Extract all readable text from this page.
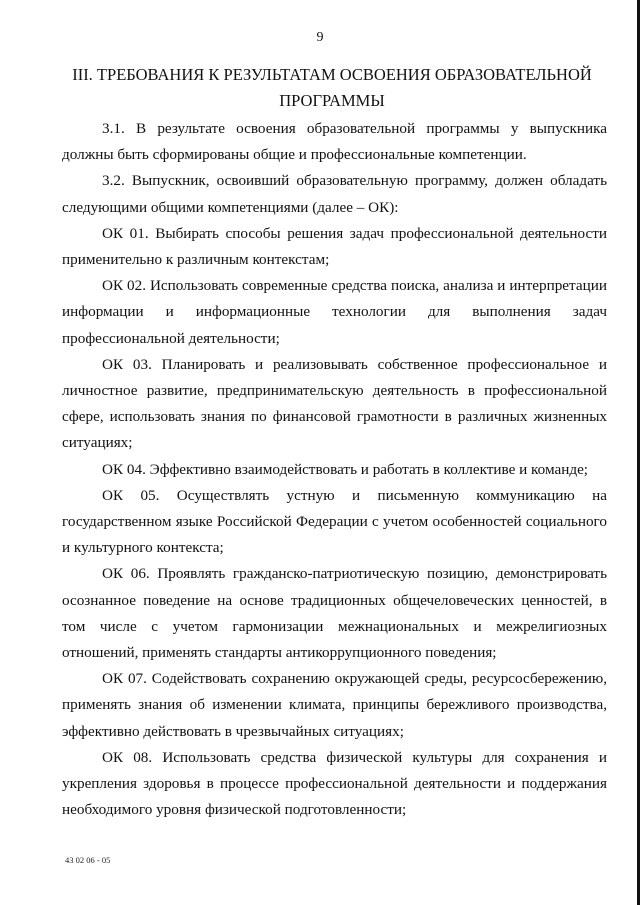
9
III. ТРЕБОВАНИЯ К РЕЗУЛЬТАТАМ ОСВОЕНИЯ ОБРАЗОВАТЕЛЬНОЙ ПРОГРАММЫ

3.1. В результате освоения образовательной программы у выпускника должны быть сформированы общие и профессиональные компетенции.

3.2. Выпускник, освоивший образовательную программу, должен обладать следующими общими компетенциями (далее – ОК):

ОК 01. Выбирать способы решения задач профессиональной деятельности применительно к различным контекстам;

ОК 02. Использовать современные средства поиска, анализа и интерпретации информации и информационные технологии для выполнения задач профессиональной деятельности;

ОК 03. Планировать и реализовывать собственное профессиональное и личностное развитие, предпринимательскую деятельность в профессиональной сфере, использовать знания по финансовой грамотности в различных жизненных ситуациях;

ОК 04. Эффективно взаимодействовать и работать в коллективе и команде;

ОК 05. Осуществлять устную и письменную коммуникацию на государственном языке Российской Федерации с учетом особенностей социального и культурного контекста;

ОК 06. Проявлять гражданско-патриотическую позицию, демонстрировать осознанное поведение на основе традиционных общечеловеческих ценностей, в том числе с учетом гармонизации межнациональных и межрелигиозных отношений, применять стандарты антикоррупционного поведения;

ОК 07. Содействовать сохранению окружающей среды, ресурсосбережению, применять знания об изменении климата, принципы бережливого производства, эффективно действовать в чрезвычайных ситуациях;

ОК 08. Использовать средства физической культуры для сохранения и укрепления здоровья в процессе профессиональной деятельности и поддержания необходимого уровня физической подготовленности;

43 02 06 - 05
